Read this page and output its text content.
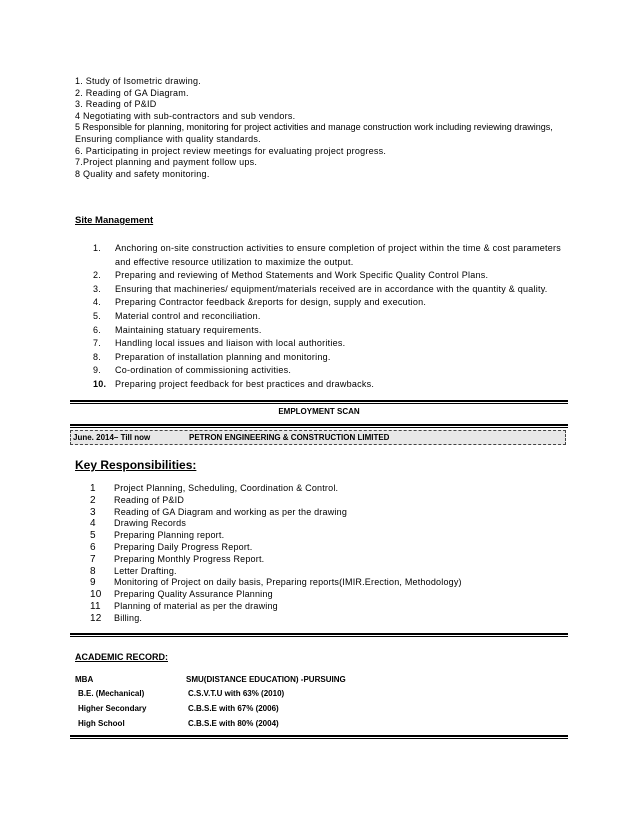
1. Study of Isometric drawing.
2. Reading of GA Diagram.
3. Reading of P&ID
4 Negotiating with sub-contractors and sub vendors.
5 Responsible for planning, monitoring for project activities and manage construction work including reviewing drawings,
Ensuring compliance with quality standards.
6. Participating in project review meetings for evaluating project progress.
7.Project planning and payment follow ups.
8 Quality and safety monitoring.
Site Management
1.	Anchoring on-site construction activities to ensure completion of project within the time & cost parameters and effective resource utilization to maximize the output.
2.	Preparing and reviewing of Method Statements and Work Specific Quality Control Plans.
3.	Ensuring that machineries/ equipment/materials received are in accordance with the quantity & quality.
4.	Preparing Contractor feedback &reports for design, supply and execution.
5.	Material control and reconciliation.
6.	Maintaining statuary requirements.
7.	Handling local issues and liaison with local authorities.
8.	Preparation of installation planning and monitoring.
9.	Co-ordination of commissioning activities.
10. Preparing project feedback for best practices and drawbacks.
EMPLOYMENT SCAN
June. 2014– Till now	PETRON ENGINEERING & CONSTRUCTION LIMITED
Key Responsibilities:
1	Project Planning, Scheduling, Coordination & Control.
2	Reading of P&ID
3	Reading of GA Diagram and working as per the drawing
4	Drawing Records
5	Preparing Planning report.
6	Preparing Daily Progress Report.
7	Preparing Monthly Progress Report.
8	Letter Drafting.
9	Monitoring of Project on daily basis, Preparing reports(IMIR.Erection, Methodology)
10	Preparing Quality Assurance Planning
11	Planning of material as per the drawing
12	Billing.
ACADEMIC RECORD:
MBA	SMU(DISTANCE EDUCATION) -PURSUING
B.E. (Mechanical)	C.S.V.T.U with 63% (2010)
Higher Secondary	C.B.S.E with 67% (2006)
High School	C.B.S.E with 80% (2004)
